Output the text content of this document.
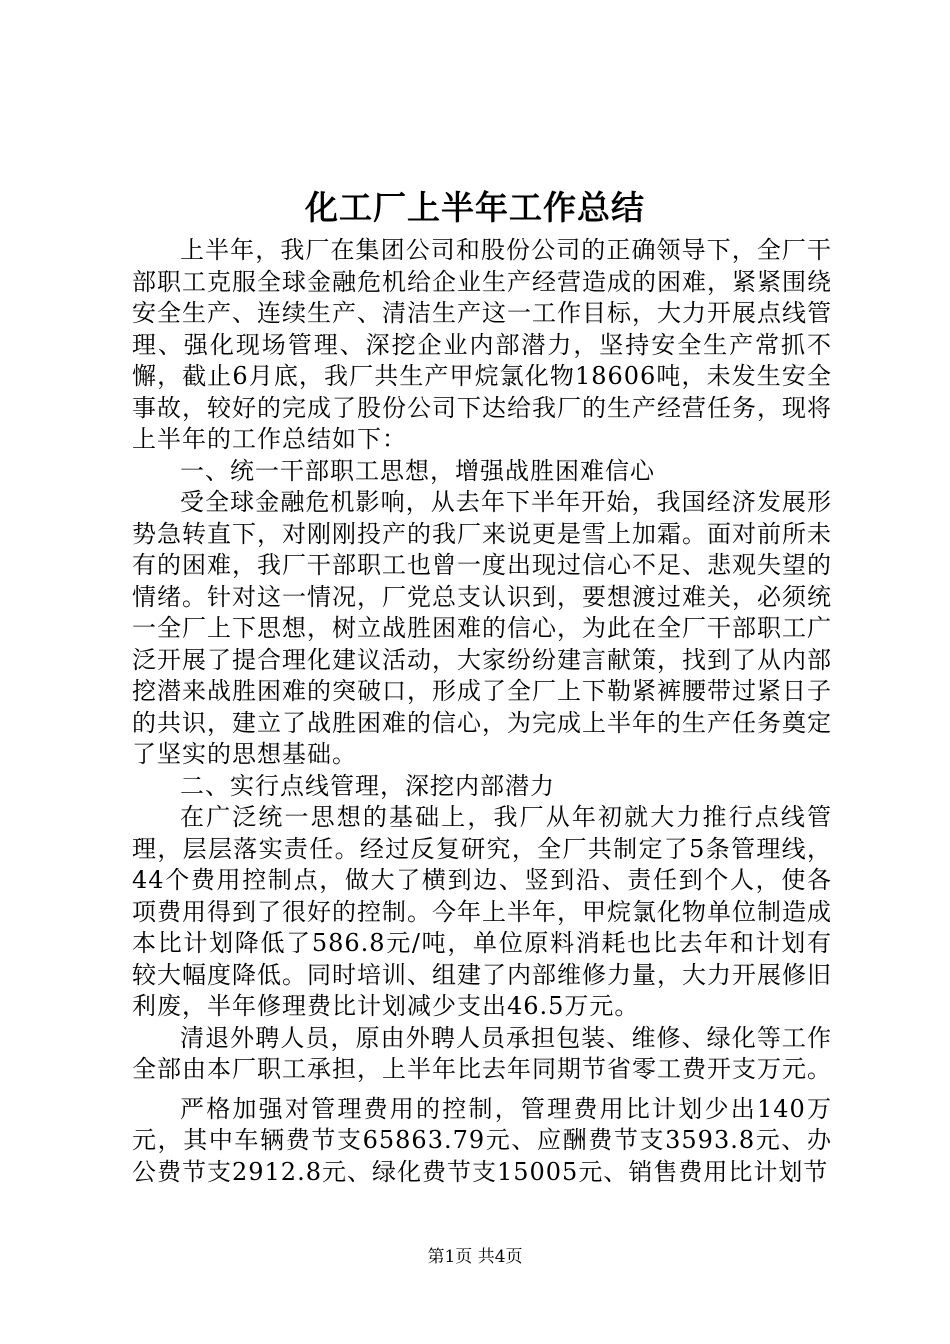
化工厂上半年工作总结

上半年，我厂在集团公司和股份公司的正确领导下，全厂干部职工克服全球金融危机给企业生产经营造成的困难，紧紧围绕安全生产、连续生产、清洁生产这一工作目标，大力开展点线管理、强化现场管理、深挖企业内部潜力，坚持安全生产常抓不懈，截止6月底，我厂共生产甲烷氯化物18606吨，未发生安全事故，较好的完成了股份公司下达给我厂的生产经营任务，现将上半年的工作总结如下：

一、统一干部职工思想，增强战胜困难信心

受全球金融危机影响，从去年下半年开始，我国经济发展形势急转直下，对刚刚投产的我厂来说更是雪上加霜。面对前所未有的困难，我厂干部职工也曾一度出现过信心不足、悲观失望的情绪。针对这一情况，厂党总支认识到，要想渡过难关，必须统一全厂上下思想，树立战胜困难的信心，为此在全厂干部职工广泛开展了提合理化建议活动，大家纷纷建言献策，找到了从内部挖潜来战胜困难的突破口，形成了全厂上下勒紧裤腰带过紧日子的共识，建立了战胜困难的信心，为完成上半年的生产任务奠定了坚实的思想基础。

二、实行点线管理，深挖内部潜力

在广泛统一思想的基础上，我厂从年初就大力推行点线管理，层层落实责任。经过反复研究，全厂共制定了5条管理线，44个费用控制点，做大了横到边、竖到沿、责任到个人，使各项费用得到了很好的控制。今年上半年，甲烷氯化物单位制造成本比计划降低了586.8元/吨，单位原料消耗也比去年和计划有较大幅度降低。同时培训、组建了内部维修力量，大力开展修旧利废，半年修理费比计划减少支出46.5万元。

清退外聘人员，原由外聘人员承担包装、维修、绿化等工作全部由本厂职工承担，上半年比去年同期节省零工费开支万元。

严格加强对管理费用的控制，管理费用比计划少出140万元，其中车辆费节支65863.79元、应酬费节支3593.8元、办公费节支2912.8元、绿化费节支15005元、销售费用比计划节

第1页 共4页
